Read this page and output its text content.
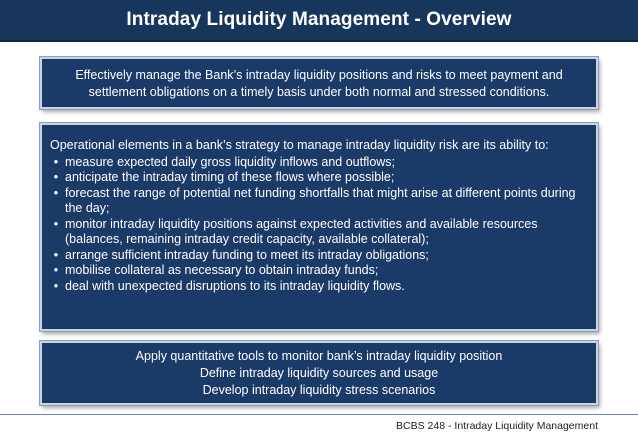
Intraday Liquidity Management - Overview
Effectively manage the Bank’s intraday liquidity positions and risks to meet payment and settlement obligations on a timely basis under both normal and stressed conditions.

Operational elements in a bank’s strategy to manage intraday liquidity risk are its ability to:

• measure expected daily gross liquidity inflows and outflows;
• anticipate the intraday timing of these flows where possible;
• forecast the range of potential net funding shortfalls that might arise at different points during the day;
• monitor intraday liquidity positions against expected activities and available resources (balances, remaining intraday credit capacity, available collateral);
• arrange sufficient intraday funding to meet its intraday obligations;
• mobilise collateral as necessary to obtain intraday funds;
• deal with unexpected disruptions to its intraday liquidity flows.
Apply quantitative tools to monitor bank’s intraday liquidity position
Define intraday liquidity sources and usage
Develop intraday liquidity stress scenarios
BCBS 248 - Intraday Liquidity Management
